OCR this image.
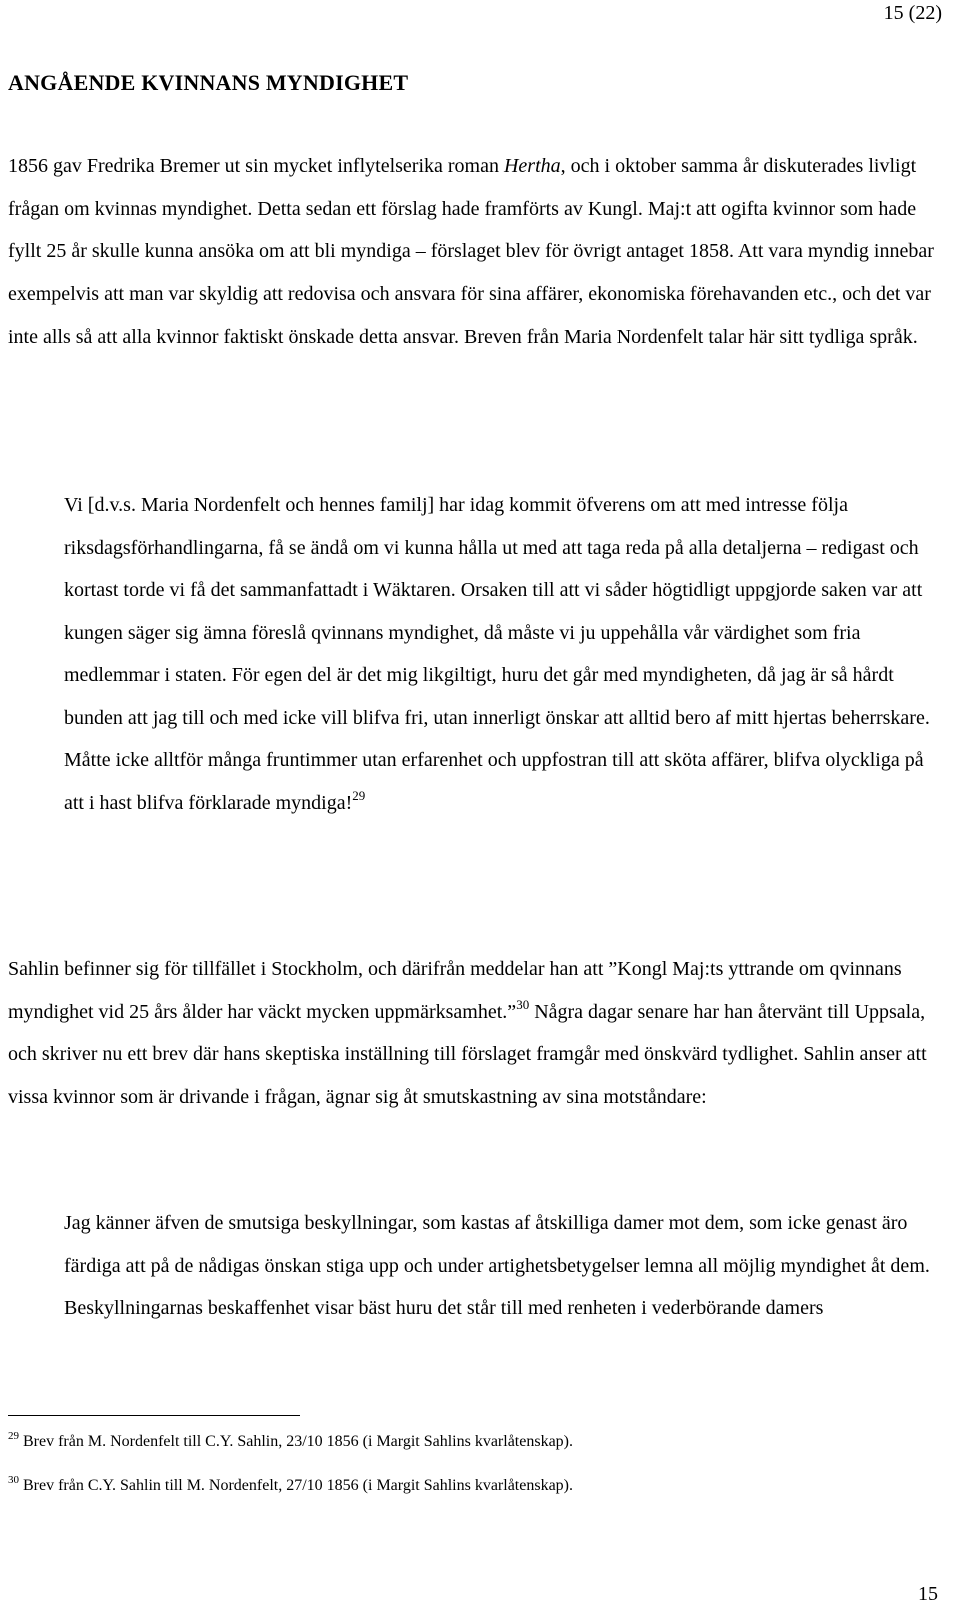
15 (22)
ANGÅENDE KVINNANS MYNDIGHET

1856 gav Fredrika Bremer ut sin mycket inflytelserika roman Hertha, och i oktober samma år diskuterades livligt frågan om kvinnas myndighet. Detta sedan ett förslag hade framförts av Kungl. Maj:t att ogifta kvinnor som hade fyllt 25 år skulle kunna ansöka om att bli myndiga – förslaget blev för övrigt antaget 1858. Att vara myndig innebar exempelvis att man var skyldig att redovisa och ansvara för sina affärer, ekonomiska förehavanden etc., och det var inte alls så att alla kvinnor faktiskt önskade detta ansvar. Breven från Maria Nordenfelt talar här sitt tydliga språk.

Vi [d.v.s. Maria Nordenfelt och hennes familj] har idag kommit öfverens om att med intresse följa riksdagsförhandlingarna, få se ändå om vi kunna hålla ut med att taga reda på alla detaljerna – redigast och kortast torde vi få det sammanfattadt i Wäktaren. Orsaken till att vi såder högtidligt uppgjorde saken var att kungen säger sig ämna föreslå qvinnans myndighet, då måste vi ju uppehålla vår värdighet som fria medlemmar i staten. För egen del är det mig likgiltigt, huru det går med myndigheten, då jag är så hårdt bunden att jag till och med icke vill blifva fri, utan innerligt önskar att alltid bero af mitt hjertas beherrskare. Måtte icke alltför många fruntimmer utan erfarenhet och uppfostran till att sköta affärer, blifva olyckliga på att i hast blifva förklarade myndiga!$^{29}$

Sahlin befinner sig för tillfället i Stockholm, och därifrån meddelar han att ”Kongl Maj:ts yttrande om qvinnans myndighet vid 25 års ålder har väckt mycken uppmärksamhet.”$^{30}$ Några dagar senare har han återvänt till Uppsala, och skriver nu ett brev där hans skeptiska inställning till förslaget framgår med önskvärd tydlighet. Sahlin anser att vissa kvinnor som är drivande i frågan, ägnar sig åt smutskastning av sina motståndare:

Jag känner äfven de smutsiga beskyllningar, som kastas af åtskilliga damer mot dem, som icke genast äro färdiga att på de nådigas önskan stiga upp och under artighetsbetygelser lemna all möjlig myndighet åt dem. Beskyllningarnas beskaffenhet visar bäst huru det står till med renheten i vederbörande damers

$^{29}$ Brev från M. Nordenfelt till C.Y. Sahlin, 23/10 1856 (i Margit Sahlins kvarlåtenskap).
$^{30}$ Brev från C.Y. Sahlin till M. Nordenfelt, 27/10 1856 (i Margit Sahlins kvarlåtenskap).
15
